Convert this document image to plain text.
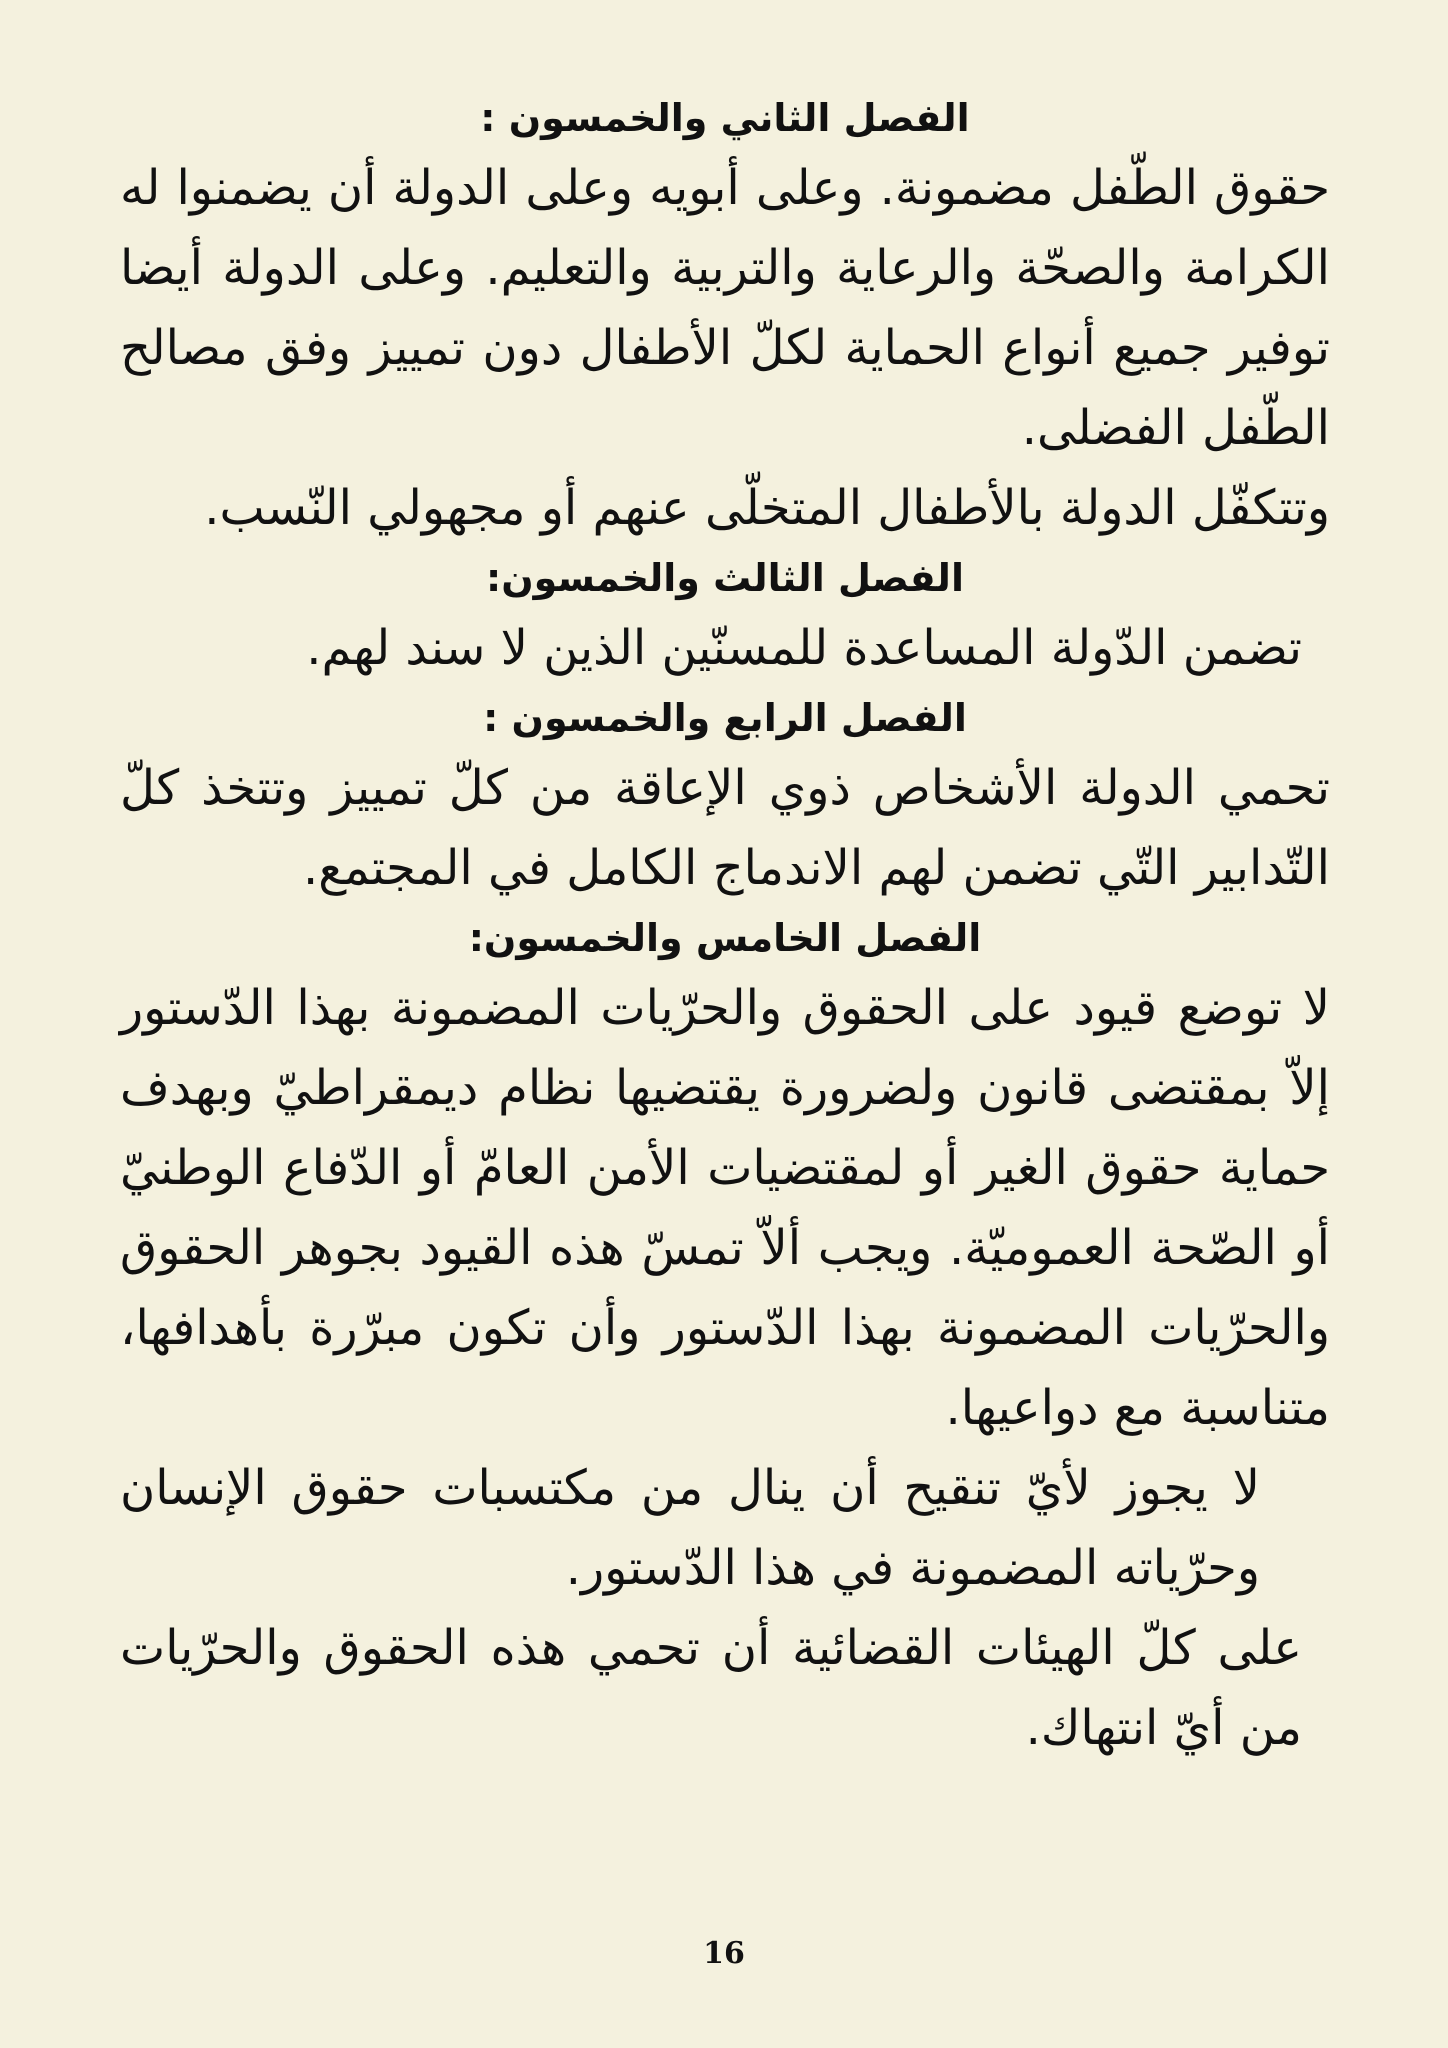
الفصل الثاني والخمسون :

حقوق الطّفل مضمونة. وعلى أبويه وعلى الدولة أن يضمنوا له الكرامة والصحّة والرعاية والتربية والتعليم. وعلى الدولة أيضا توفير جميع أنواع الحماية لكلّ الأطفال دون تمييز وفق مصالح الطّفل الفضلى.

وتتكفّل الدولة بالأطفال المتخلّى عنهم أو مجهولي النّسب.

الفصل الثالث والخمسون:

تضمن الدّولة المساعدة للمسنّين الذين لا سند لهم.

الفصل الرابع والخمسون :

تحمي الدولة الأشخاص ذوي الإعاقة من كلّ تمييز وتتخذ كلّ التّدابير التّي تضمن لهم الاندماج الكامل في المجتمع.

الفصل الخامس والخمسون:

لا توضع قيود على الحقوق والحرّيات المضمونة بهذا الدّستور إلاّ بمقتضى قانون ولضرورة يقتضيها نظام ديمقراطيّ وبهدف حماية حقوق الغير أو لمقتضيات الأمن العامّ أو الدّفاع الوطنيّ أو الصّحة العموميّة. ويجب ألاّ تمسّ هذه القيود بجوهر الحقوق والحرّيات المضمونة بهذا الدّستور وأن تكون مبرّرة بأهدافها، متناسبة مع دواعيها.

لا يجوز لأيّ تنقيح أن ينال من مكتسبات حقوق الإنسان وحرّياته المضمونة في هذا الدّستور.

على كلّ الهيئات القضائية أن تحمي هذه الحقوق والحرّيات من أيّ انتهاك.

16
